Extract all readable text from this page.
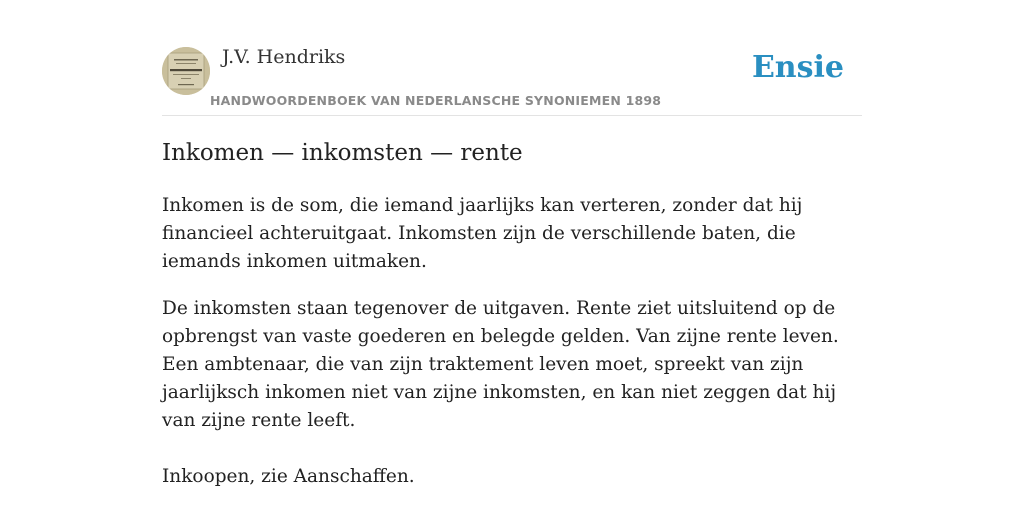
J.V. Hendriks
HANDWOORDENBOEK VAN NEDERLANSCHE SYNONIEMEN 1898
Ensie
Inkomen — inkomsten — rente

Inkomen is de som, die iemand jaarlijks kan verteren, zonder dat hij financieel achteruitgaat. Inkomsten zijn de verschillende baten, die iemands inkomen uitmaken.

De inkomsten staan tegenover de uitgaven. Rente ziet uitsluitend op de opbrengst van vaste goederen en belegde gelden. Van zijne rente leven. Een ambtenaar, die van zijn traktement leven moet, spreekt van zijn jaarlijksch inkomen niet van zijne inkomsten, en kan niet zeggen dat hij van zijne rente leeft.

Inkoopen, zie Aanschaffen.
